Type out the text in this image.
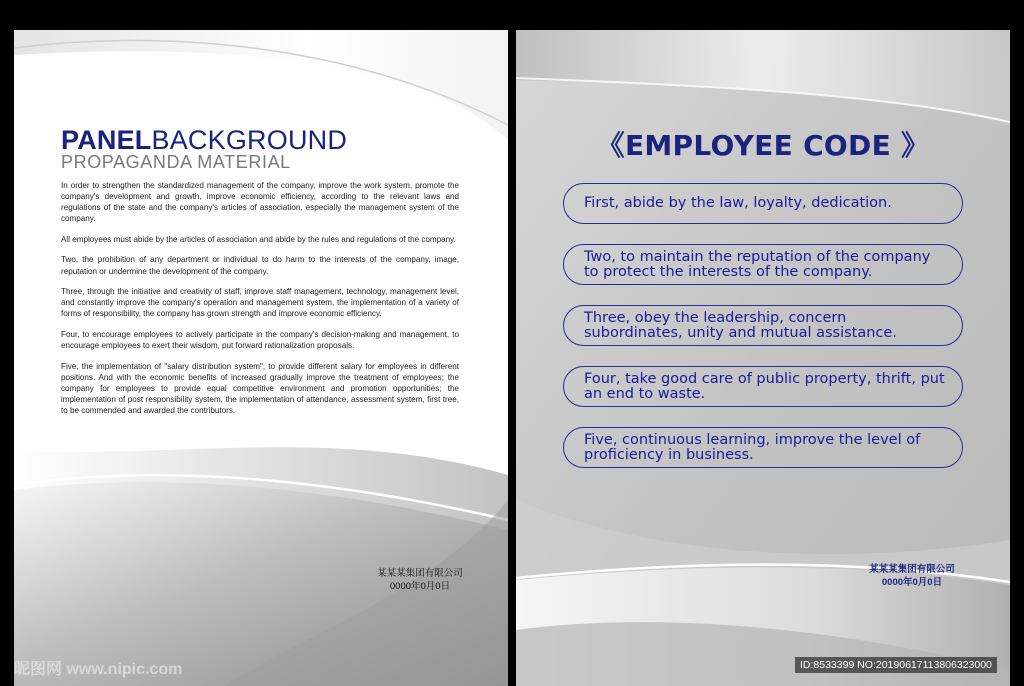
PANELBACKGROUND
PROPAGANDA MATERIAL

In order to strengthen the standardized management of the company, improve the work system, promote the company's development and growth, improve economic efficiency, according to the relevant laws and regulations of the state and the company's articles of association, especially the management system of the company.

All employees must abide by the articles of association and abide by the rules and regulations of the company.

Two, the prohibition of any department or individual to do harm to the interests of the company, image, reputation or undermine the development of the company.

Three, through the initiative and creativity of staff, improve staff management, technology, management level, and constantly improve the company's operation and management system, the implementation of a variety of forms of responsibility, the company has grown strength and improve economic efficiency.

Four, to encourage employees to actively participate in the company's decision-making and management, to encourage employees to exert their wisdom, put forward rationalization proposals.

Five, the implementation of "salary distribution system", to provide different salary for employees in different positions. And with the economic benefits of increased gradually improve the treatment of employees; the company for employees to provide equal competitive environment and promotion opportunities; the implementation of post responsibility system, the implementation of attendance, assessment system, first tree, to be commended and awarded the contributors.

某某某集团有限公司
0000年0月0日
《EMPLOYEE CODE 》
First, abide by the law, loyalty, dedication.
Two, to maintain the reputation of the company to protect the interests of the company.
Three, obey the leadership, concern subordinates, unity and mutual assistance.
Four, take good care of public property, thrift, put an end to waste.
Five, continuous learning, improve the level of proficiency in business.
某某某集团有限公司
0000年0月0日
昵图网 www.nipic.com	ID:8533399 NO:20190617113806323000
